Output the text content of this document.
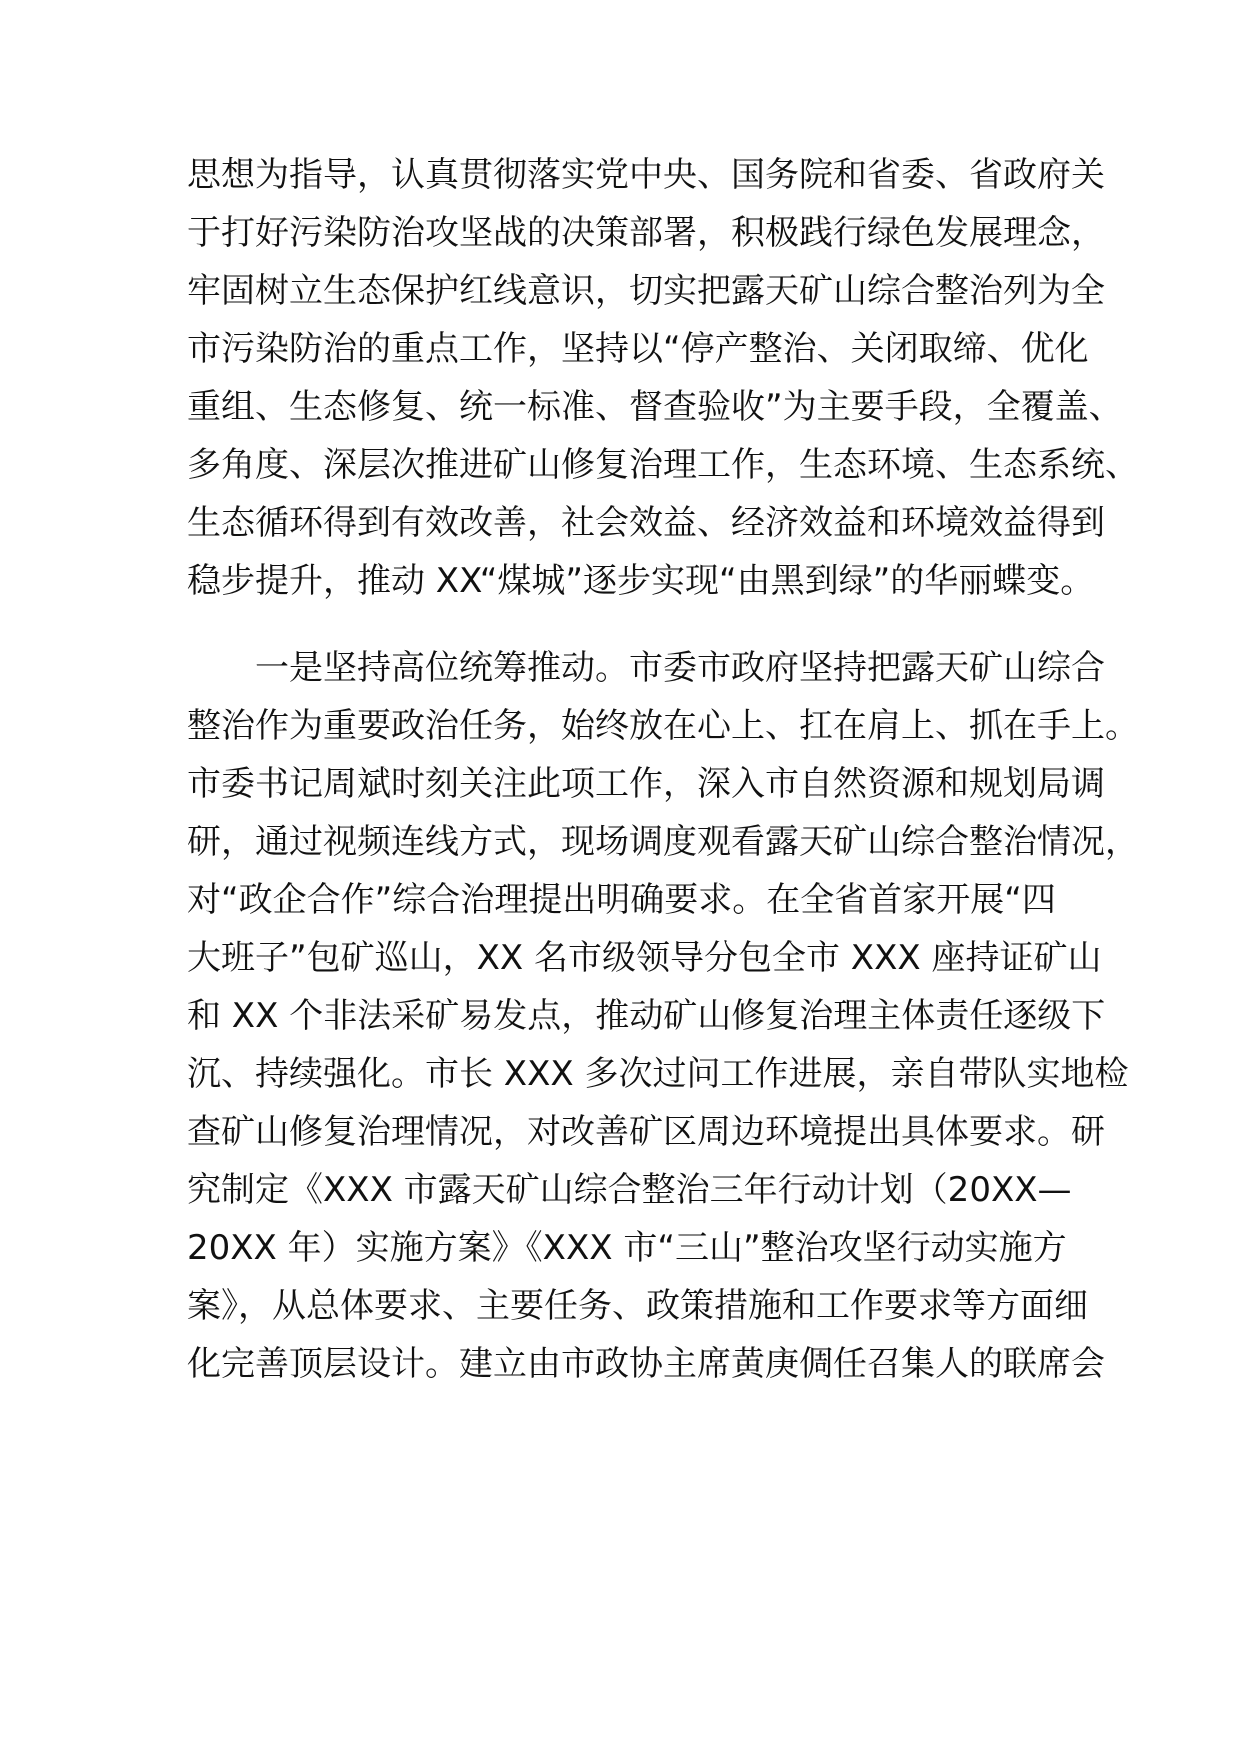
思想为指导，认真贯彻落实党中央、国务院和省委、省政府关
于打好污染防治攻坚战的决策部署，积极践行绿色发展理念，
牢固树立生态保护红线意识，切实把露天矿山综合整治列为全
市污染防治的重点工作，坚持以“停产整治、关闭取缔、优化
重组、生态修复、统一标准、督查验收”为主要手段，全覆盖、
多角度、深层次推进矿山修复治理工作，生态环境、生态系统、
生态循环得到有效改善，社会效益、经济效益和环境效益得到
稳步提升，推动 XX“煤城”逐步实现“由黑到绿”的华丽蝶变。
一是坚持高位统筹推动。市委市政府坚持把露天矿山综合
整治作为重要政治任务，始终放在心上、扛在肩上、抓在手上。
市委书记周斌时刻关注此项工作，深入市自然资源和规划局调
研，通过视频连线方式，现场调度观看露天矿山综合整治情况，
对“政企合作”综合治理提出明确要求。在全省首家开展“四
大班子”包矿巡山，XX 名市级领导分包全市 XXX 座持证矿山
和 XX 个非法采矿易发点，推动矿山修复治理主体责任逐级下
沉、持续强化。市长 XXX 多次过问工作进展，亲自带队实地检
查矿山修复治理情况，对改善矿区周边环境提出具体要求。研
究制定《XXX 市露天矿山综合整治三年行动计划（20XX—
20XX 年）实施方案》《XXX 市“三山”整治攻坚行动实施方
案》，从总体要求、主要任务、政策措施和工作要求等方面细
化完善顶层设计。建立由市政协主席黄庚倜任召集人的联席会
